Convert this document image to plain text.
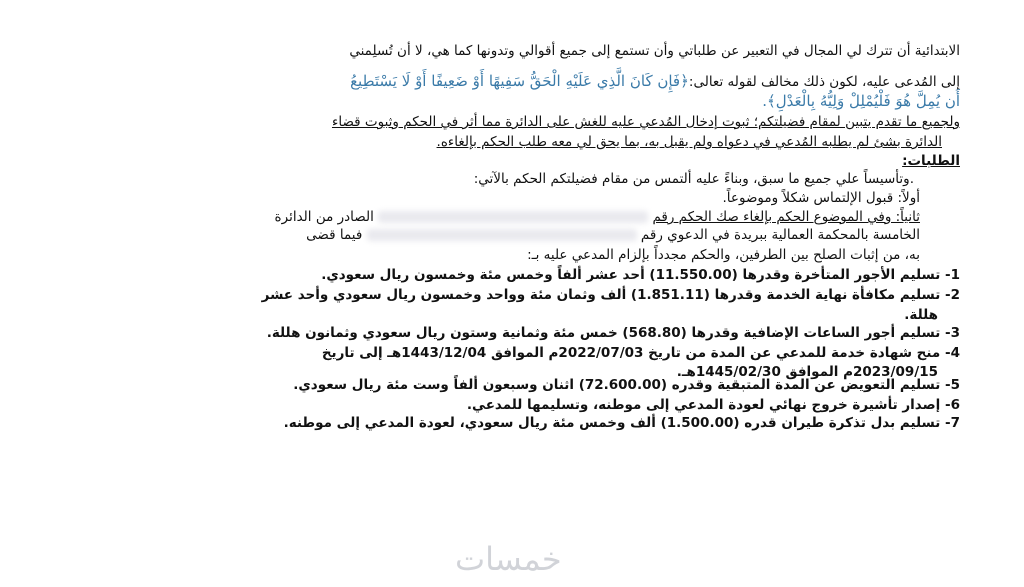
الابتدائية أن تترك لي المجال في التعبير عن طلباتي وأن تستمع إلى جميع أقوالي وتدونها كما هي، لا أن تُسلِمني
إلى المُدعى عليه، لكون ذلك مخالف لقوله تعالى:﴿فَإِن كَانَ الَّذِي عَلَيْهِ الْحَقُّ سَفِيهًا أَوْ ضَعِيفًا أَوْ لَا يَسْتَطِيعُ
أَن يُمِلَّ هُوَ فَلْيُمْلِلْ وَلِيُّهُ بِالْعَدْلِ﴾.
ولجميع ما تقدم يتبين لمقام فضيلتكم؛ ثبوت إدخال المُدعي عليه للغش على الدائرة مما أثر في الحكم وثبوت قضاء
الدائرة بشئ لم يطلبه المُدعي في دعواه ولم يقبل به، بما يحق لي معه طلب الحكم بإلغاءه.
الطلبات:
.وتأسيساً علي جميع ما سبق، وبناءً عليه ألتمس من مقام فضيلتكم الحكم بالآتي:
أولاً: قبول الإلتماس شكلاً وموضوعاً.
ثانياً: وفي الموضوع الحكم بإلغاء صك الحكم رقم  الصادر من الدائرة
الخامسة بالمحكمة العمالية ببريدة في الدعوي رقم  فيما قضى
به، من إثبات الصلح بين الطرفين، والحكم مجدداً بإلزام المدعي عليه بـ:
1- تسليم الأجور المتأخرة وقدرها (11.550.00) أحد عشر ألفاً وخمس مئة وخمسون ريال سعودي.
2- تسليم مكافأة نهاية الخدمة وقدرها (1.851.11) ألف وثمان مئة وواحد وخمسون ريال سعودي وأحد عشر
هللة.
3- تسليم أجور الساعات الإضافية وقدرها (568.80) خمس مئة وثمانية وستون ريال سعودي وثمانون هللة.
4- منح شهادة خدمة للمدعي عن المدة من تاريخ 2022/07/03م الموافق 1443/12/04هـ إلى تاريخ
2023/09/15م الموافق 1445/02/30هـ.
5- تسليم التعويض عن المدة المتبقية وقدره (72.600.00) اثنان وسبعون ألفاً وست مئة ريال سعودي.
6- إصدار تأشيرة خروج نهائي لعودة المدعي إلى موطنه، وتسليمها للمدعي.
7- تسليم بدل تذكرة طيران قدره (1.500.00) ألف وخمس مئة ريال سعودي، لعودة المدعي إلى موطنه.
خمسات
